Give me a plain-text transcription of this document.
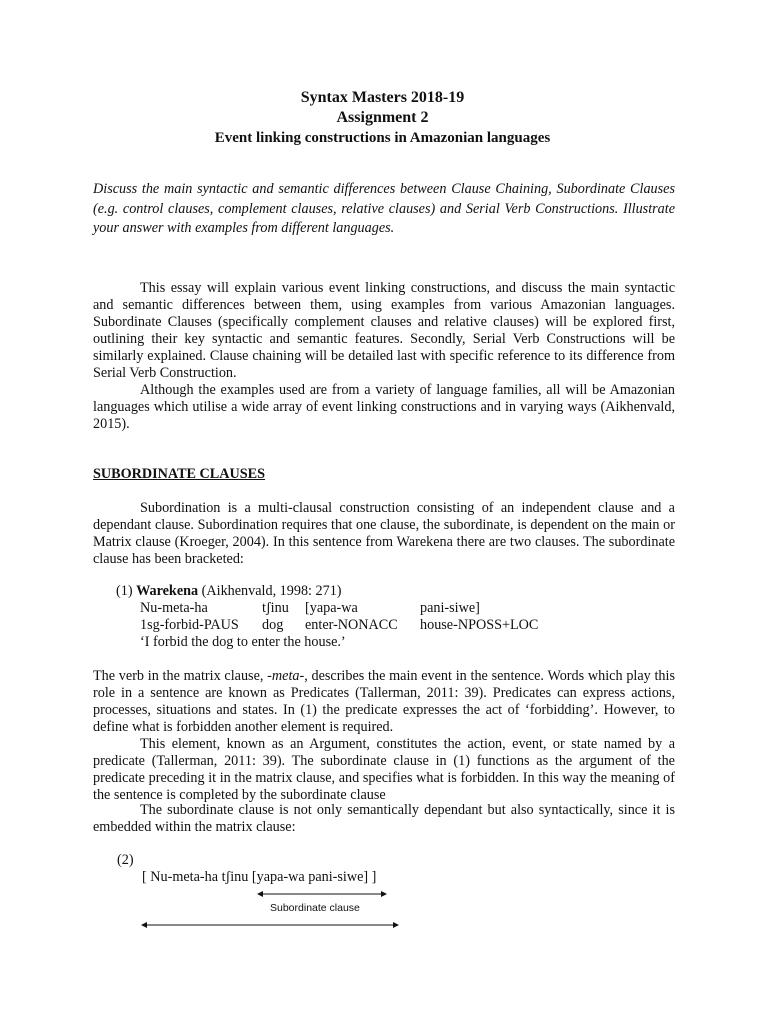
Syntax Masters 2018-19
Assignment 2
Event linking constructions in Amazonian languages
Discuss the main syntactic and semantic differences between Clause Chaining, Subordinate Clauses (e.g. control clauses, complement clauses, relative clauses) and Serial Verb Constructions. Illustrate your answer with examples from different languages.

This essay will explain various event linking constructions, and discuss the main syntactic and semantic differences between them, using examples from various Amazonian languages. Subordinate Clauses (specifically complement clauses and relative clauses) will be explored first, outlining their key syntactic and semantic features. Secondly, Serial Verb Constructions will be similarly explained. Clause chaining will be detailed last with specific reference to its difference from Serial Verb Construction.

Although the examples used are from a variety of language families, all will be Amazonian languages which utilise a wide array of event linking constructions and in varying ways (Aikhenvald, 2015).

SUBORDINATE CLAUSES

Subordination is a multi-clausal construction consisting of an independent clause and a dependant clause. Subordination requires that one clause, the subordinate, is dependent on the main or Matrix clause (Kroeger, 2004). In this sentence from Warekena there are two clauses. The subordinate clause has been bracketed:

(1) Warekena (Aikhenvald, 1998: 271)
Nu-meta-ha	tʃinu [yapa-wa	pani-siwe]
1sg-forbid-PAUS dog enter-NONACC house-NPOSS+LOC
‘I forbid the dog to enter the house.’

The verb in the matrix clause, -meta-, describes the main event in the sentence. Words which play this role in a sentence are known as Predicates (Tallerman, 2011: 39). Predicates can express actions, processes, situations and states. In (1) the predicate expresses the act of ‘forbidding’. However, to define what is forbidden another element is required.

This element, known as an Argument, constitutes the action, event, or state named by a predicate (Tallerman, 2011: 39). The subordinate clause in (1) functions as the argument of the predicate preceding it in the matrix clause, and specifies what is forbidden. In this way the meaning of the sentence is completed by the subordinate clause

The subordinate clause is not only semantically dependant but also syntactically, since it is embedded within the matrix clause:

(2)
[ Nu-meta-ha tʃinu [yapa-wa pani-siwe] ]
Subordinate clause
